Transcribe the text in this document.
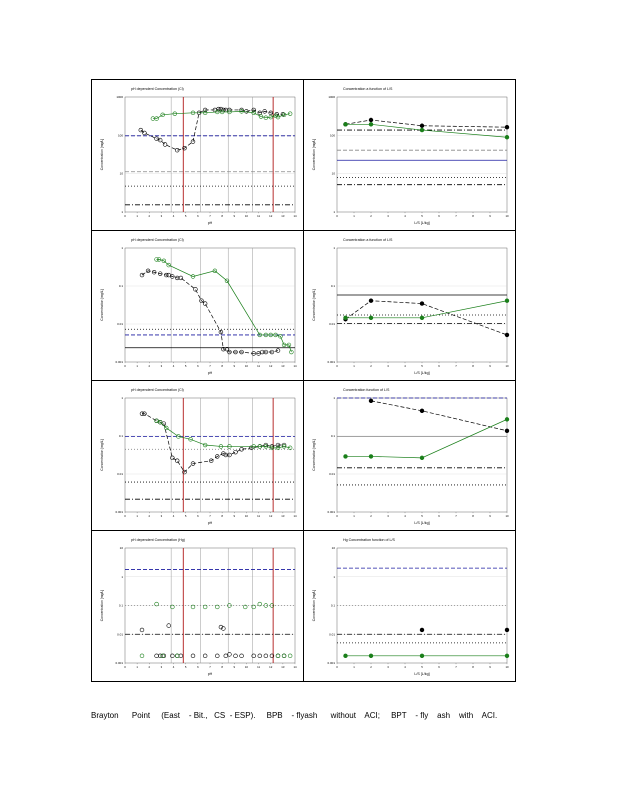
pH dependent Concentration (Cl)
1000
100
10
1
0	1	2	3	4	5	6	7	8	9	10	11	12	13	14
pH
Concentration [mg/L]
Concentration a function of L/S
1000
100
10
1
0	1	2	3	4	5	6	7	8	9	10
L/S [L/kg]
Concentration [mg/L]
pH dependent Concentration (Cl)
1
0.1
0.01
0.001
0	1	2	3	4	5	6	7	8	9	10	11	12	13	14
pH
Concentration [mg/L]
Concentration a function of L/S
1
0.1
0.01
0.001
0	1	2	3	4	5	6	7	8	9	10
L/S [L/kg]
Concentration [mg/L]
pH dependent Concentration (Cl)
1
0.1
0.01
0.001
0	1	2	3	4	5	6	7	8	9	10	11	12	13	14
pH
Concentration [mg/L]
Concentration function of L/S
1
0.1
0.01
0.001
0	1	2	3	4	5	6	7	8	9	10
L/S [L/kg]
Concentration [mg/L]
pH dependent Concentration (Hg)
10
1
0.1
0.01
0.001
0	1	2	3	4	5	6	7	8	9	10	11	12	13	14
pH
Concentration [mg/L]
Hg Concentration function of L/S
10
1
0.1
0.01
0.001
0	1	2	3	4	5	6	7	8	9	10
L/S [L/kg]
Concentration [mg/L]
Brayton      Point     (East    - Bit.,   CS  - ESP).     BPB    - flyash      without    ACI;     BPT    - fly    ash    with    ACI.
